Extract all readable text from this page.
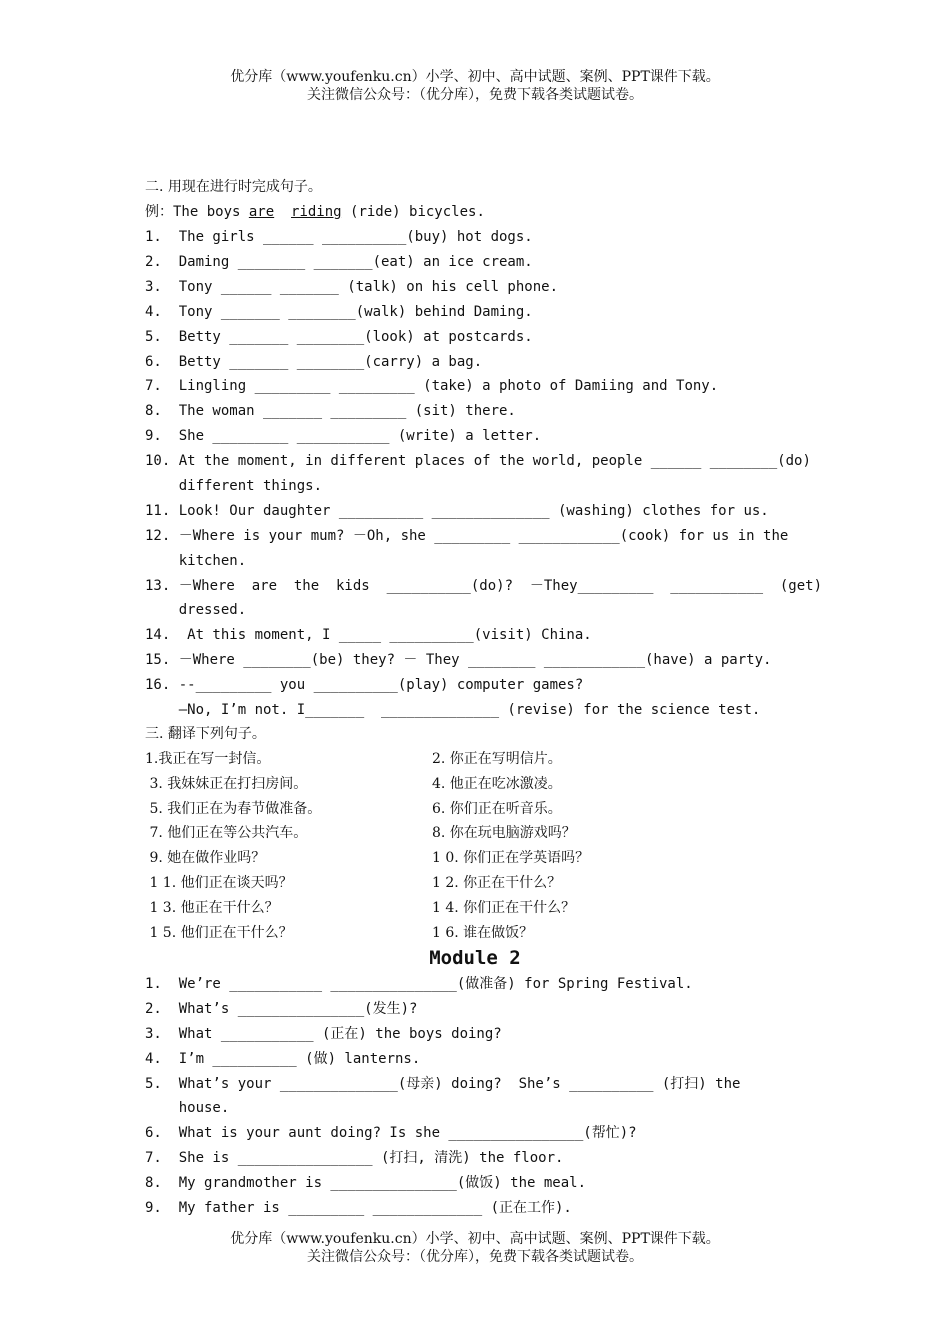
优分库（www.youfenku.cn）小学、初中、高中试题、案例、PPT课件下载。
关注微信公众号：（优分库），免费下载各类试题试卷。
二. 用现在进行时完成句子。
例：The boys are riding (ride) bicycles.
1.  The girls ______ __________(buy) hot dogs.
2.  Daming ________ _______(eat) an ice cream.
3.  Tony ______ _______ (talk) on his cell phone.
4.  Tony _______ ________(walk) behind Daming.
5.  Betty _______ ________(look) at postcards.
6.  Betty _______ ________(carry) a bag.
7.  Lingling _________ _________ (take) a photo of Damiing and Tony.
8.  The woman _______ _________ (sit) there.
9.  She _________ ___________ (write) a letter.
10. At the moment, in different places of the world, people ______ ________(do)
different things.
11. Look! Our daughter __________ ______________ (washing) clothes for us.
12. －Where is your mum? －Oh, she _________ ____________(cook) for us in the
kitchen.
13. －Where  are  the  kids  __________(do)?  －They_________  ___________  (get)
dressed.
14.  At this moment, I _____ __________(visit) China.
15. －Where ________(be) they? － They ________ ____________(have) a party.
16. --_________ you __________(play) computer games?
—No, I’m not. I_______  ______________ (revise) for the science test.
三. 翻译下列句子。
1.我正在写一封信。
3. 我妹妹正在打扫房间。
5. 我们正在为春节做准备。
7. 他们正在等公共汽车。
9. 她在做作业吗？
1 1. 他们正在谈天吗？
1 3. 他正在干什么？
1 5. 他们正在干什么？
2. 你正在写明信片。
4. 他正在吃冰激凌。
6. 你们正在听音乐。
8. 你在玩电脑游戏吗？
1 0. 你们正在学英语吗？
1 2. 你正在干什么？
1 4. 你们正在干什么？
1 6. 谁在做饭？
Module 2
1.  We’re ___________ _______________(做准备) for Spring Festival.
2.  What’s _______________(发生)?
3.  What ___________ (正在) the boys doing?
4.  I’m __________ (做) lanterns.
5.  What’s your ______________(母亲) doing?  She’s __________ (打扫) the
house.
6.  What is your aunt doing? Is she ________________(帮忙)?
7.  She is ________________ (打扫, 清洗) the floor.
8.  My grandmother is _______________(做饭) the meal.
9.  My father is _________ _____________ (正在工作).
优分库（www.youfenku.cn）小学、初中、高中试题、案例、PPT课件下载。
关注微信公众号：（优分库），免费下载各类试题试卷。
